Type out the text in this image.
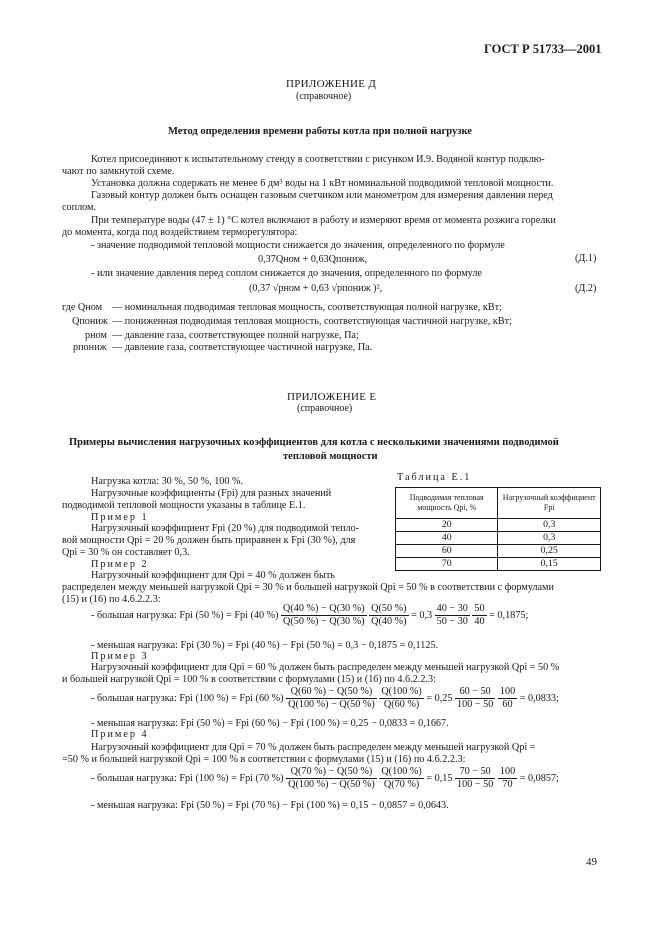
ГОСТ Р 51733—2001
ПРИЛОЖЕНИЕ Д
(справочное)
Метод определения времени работы котла при полной нагрузке
Котел присоединяют к испытательному стенду в соответствии с рисунком И.9. Водяной контур подклю-
чают по замкнутой схеме.
Установка должна содержать не менее 6 дм³ воды на 1 кВт номинальной подводимой тепловой мощности.
Газовый контур должен быть оснащен газовым счетчиком или манометром для измерения давления перед
соплом.
При температуре воды (47 ± 1) °С котел включают в работу и измеряют время от момента розжига горелки
до момента, когда под воздействием терморегулятора:
- значение подводимой тепловой мощности снижается до значения, определенного по формуле
0,37Qном + 0,63Qпониж,	(Д.1)
- или значение давления перед соплом снижается до значения, определенного по формуле
(0,37 √pном + 0,63 √pпониж )²,	(Д.2)
где Qном — номинальная подводимая тепловая мощность, соответствующая полной нагрузке, кВт;
Qпониж — пониженная подводимая тепловая мощность, соответствующая частичной нагрузке, кВт;
pном — давление газа, соответствующее полной нагрузке, Па;
pпониж — давление газа, соответствующее частичной нагрузке, Па.
ПРИЛОЖЕНИЕ Е
(справочное)
Примеры вычисления нагрузочных коэффициентов для котла с несколькими значениями подводимой
тепловой мощности
Нагрузка котла: 30 %, 50 %, 100 %.
Нагрузочные коэффициенты (Fpi) для разных значений
подводимой тепловой мощности указаны в таблице Е.1.
Пример 1
Нагрузочный коэффициент Fpi (20 %) для подводимой тепло-
вой мощности Qpi = 20 % должен быть приравнен к Fpi (30 %), для
Qpi = 30 % он составляет 0,3.
Пример 2
Нагрузочный коэффициент для Qpi = 40 % должен быть
распределен между меньшей нагрузкой Qpi = 30 % и большей нагрузкой Qpi = 50 % в соответствии с формулами
(15) и (16) по 4.6.2.2.3:
Таблица Е.1
Подводимая тепловая мощность Qpi, %	Нагрузочный коэффициент Fpi
20	0,3
40	0,3
60	0,25
70	0,15
- большая нагрузка: Fpi (50 %) = Fpi (40 %) $\frac{Q(40 \%) - Q(30 \%)}{Q(50 \%) - Q(30 \%)}$
$\frac{Q(50 \%)}{Q(40 \%)} = 0,3 \frac{40 - 30}{50 - 30}$
$\frac{50}{40} = 0,1875$;
- меньшая нагрузка: Fpi (30 %) = Fpi (40 %) − Fpi (50 %) = 0,3 − 0,1875 = 0,1125.
Пример 3
Нагрузочный коэффициент для Qpi = 60 % должен быть распределен между меньшей нагрузкой Qpi = 50 %
и большей нагрузкой Qpi = 100 % в соответствии с формулами (15) и (16) по 4.6.2.2.3:
- большая нагрузка: Fpi (100 %) = Fpi (60 %) $\frac{Q(60 \%) - Q(50 \%)}{Q(100 \%) - Q(50 \%)}$
$\frac{Q(100 \%)}{Q(60 \%)} = 0,25 \frac{60 - 50}{100 - 50}$
$\frac{100}{60} = 0,0833$;
- меньшая нагрузка: Fpi (50 %) = Fpi (60 %) − Fpi (100 %) = 0,25 − 0,0833 = 0,1667.
Пример 4
Нагрузочный коэффициент для Qpi = 70 % должен быть распределен между меньшей нагрузкой Qpi =
=50 % и большей нагрузкой Qpi = 100 % в соответствии с формулами (15) и (16) по 4.6.2.2.3:
- большая нагрузка: Fpi (100 %) = Fpi (70 %) $\frac{Q(70 \%) - Q(50 \%)}{Q(100 \%) - Q(50 \%)}$
$\frac{Q(100 \%)}{Q(70 \%)} = 0,15 \frac{70 - 50}{100 - 50}$
$\frac{100}{70} = 0,0857$;
- меньшая нагрузка: Fpi (50 %) = Fpi (70 %) − Fpi (100 %) = 0,15 − 0,0857 = 0,0643.
49
